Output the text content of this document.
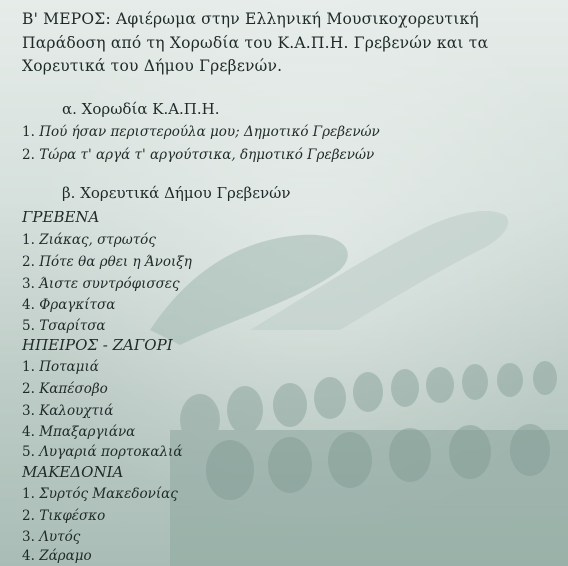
Β' ΜΕΡΟΣ: Αφιέρωμα στην Ελληνική Μουσικοχορευτική
Παράδοση από τη Χορωδία του Κ.Α.Π.Η. Γρεβενών και τα
Χορευτικά του Δήμου Γρεβενών.
α. Χορωδία Κ.Α.Π.Η.
1. Πού ήσαν περιστερούλα μου; Δημοτικό Γρεβενών
2. Τώρα τ' αργά τ' αργούτσικα, δημοτικό Γρεβενών
β. Χορευτικά Δήμου Γρεβενών
ΓΡΕΒΕΝΑ
1. Ζιάκας, στρωτός
2. Πότε θα ρθει η Άνοιξη
3. Άιστε συντρόφισσες
4. Φραγκίτσα
5. Τσαρίτσα
ΗΠΕΙΡΟΣ - ΖΑΓΟΡΙ
1. Ποταμιά
2. Καπέσοβο
3. Καλουχτιά
4. Μπαξαργιάνα
5. Λυγαριά πορτοκαλιά
ΜΑΚΕΔΟΝΙΑ
1. Συρτός Μακεδονίας
2. Τικφέσκο
3. Λυτός
4. Ζάραμο
